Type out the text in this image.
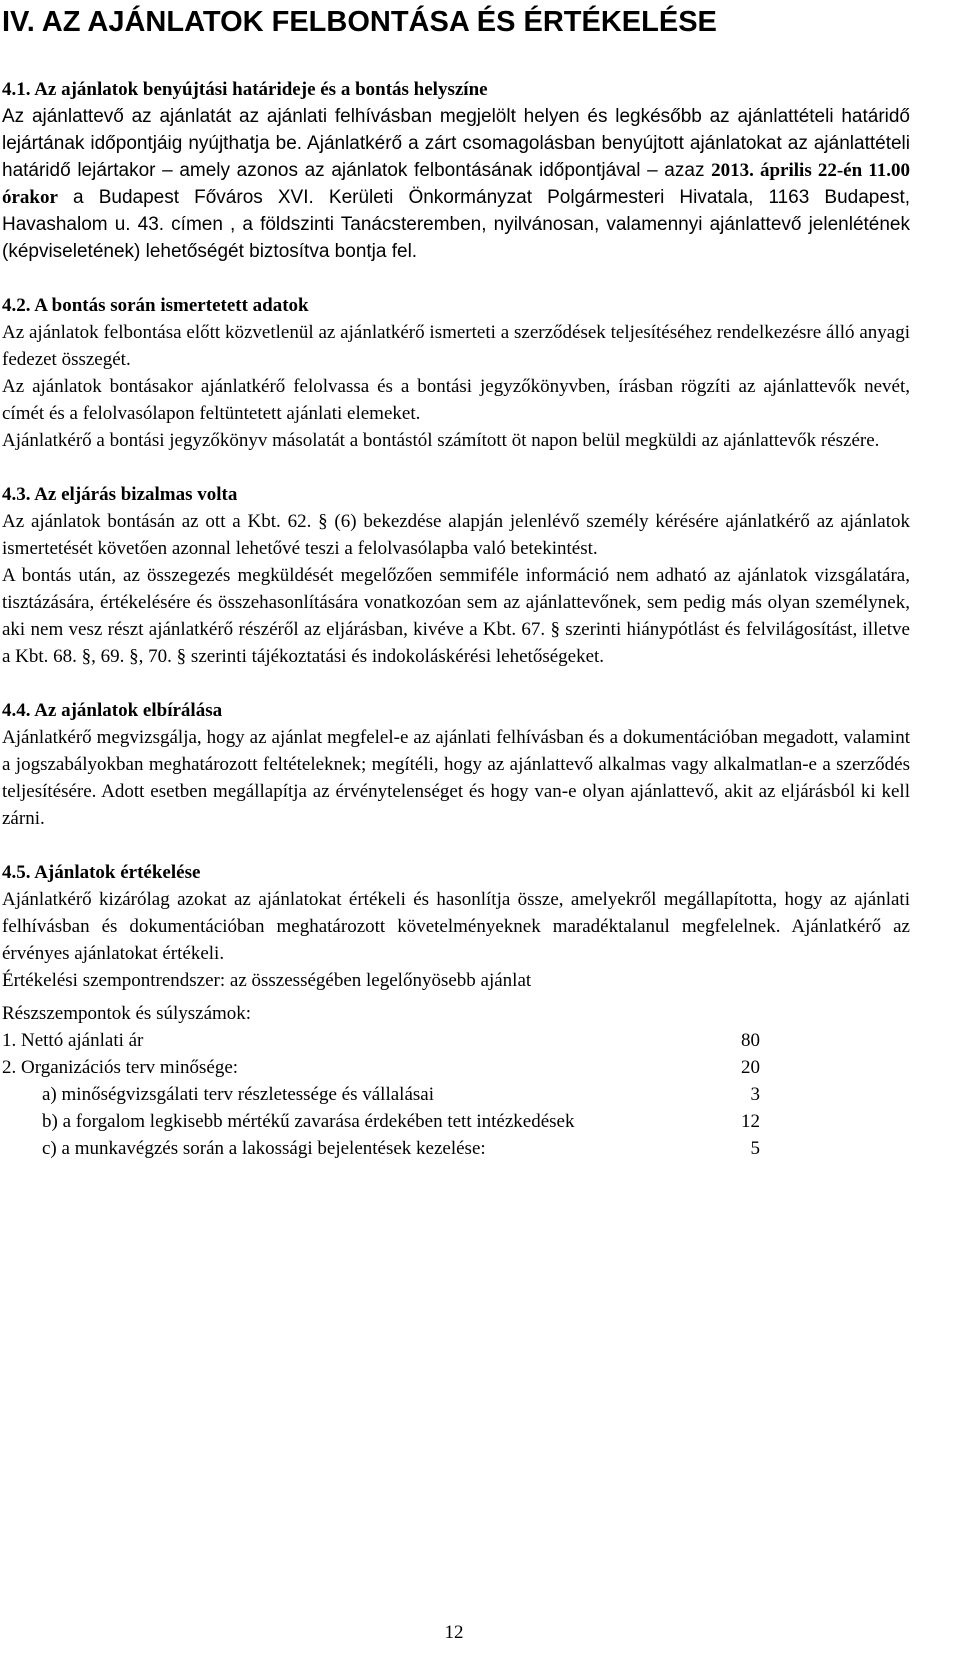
IV. AZ AJÁNLATOK FELBONTÁSA ÉS ÉRTÉKELÉSE
4.1. Az ajánlatok benyújtási határideje és a bontás helyszíne

Az ajánlattevő az ajánlatát az ajánlati felhívásban megjelölt helyen és legkésőbb az ajánlattételi határidő lejártának időpontjáig nyújthatja be. Ajánlatkérő a zárt csomagolásban benyújtott ajánlatokat az ajánlattételi határidő lejártakor – amely azonos az ajánlatok felbontásának időpontjával – azaz 2013. április 22-én 11.00 órakor a Budapest Főváros XVI. Kerületi Önkormányzat Polgármesteri Hivatala, 1163 Budapest, Havashalom u. 43. címen , a földszinti Tanácsteremben, nyilvánosan, valamennyi ajánlattevő jelenlétének (képviseletének) lehetőségét biztosítva bontja fel.

4.2. A bontás során ismertetett adatok

Az ajánlatok felbontása előtt közvetlenül az ajánlatkérő ismerteti a szerződések teljesítéséhez rendelkezésre álló anyagi fedezet összegét.

Az ajánlatok bontásakor ajánlatkérő felolvassa és a bontási jegyzőkönyvben, írásban rögzíti az ajánlattevők nevét, címét és a felolvasólapon feltüntetett ajánlati elemeket.

Ajánlatkérő a bontási jegyzőkönyv másolatát a bontástól számított öt napon belül megküldi az ajánlattevők részére.

4.3. Az eljárás bizalmas volta

Az ajánlatok bontásán az ott a Kbt. 62. § (6) bekezdése alapján jelenlévő személy kérésére ajánlatkérő az ajánlatok ismertetését követően azonnal lehetővé teszi a felolvasólapba való betekintést.

A bontás után, az összegezés megküldését megelőzően semmiféle információ nem adható az ajánlatok vizsgálatára, tisztázására, értékelésére és összehasonlítására vonatkozóan sem az ajánlattevőnek, sem pedig más olyan személynek, aki nem vesz részt ajánlatkérő részéről az eljárásban, kivéve a Kbt. 67. § szerinti hiánypótlást és felvilágosítást, illetve a Kbt. 68. §, 69. §, 70. § szerinti tájékoztatási és indokoláskérési lehetőségeket.

4.4. Az ajánlatok elbírálása

Ajánlatkérő megvizsgálja, hogy az ajánlat megfelel-e az ajánlati felhívásban és a dokumentációban megadott, valamint a jogszabályokban meghatározott feltételeknek; megítéli, hogy az ajánlattevő alkalmas vagy alkalmatlan-e a szerződés teljesítésére. Adott esetben megállapítja az érvénytelenséget és hogy van-e olyan ajánlattevő, akit az eljárásból ki kell zárni.

4.5. Ajánlatok értékelése

Ajánlatkérő kizárólag azokat az ajánlatokat értékeli és hasonlítja össze, amelyekről megállapította, hogy az ajánlati felhívásban és dokumentációban meghatározott követelményeknek maradéktalanul megfelelnek. Ajánlatkérő az érvényes ajánlatokat értékeli.

Értékelési szempontrendszer: az összességében legelőnyösebb ajánlat

Részszempontok és súlyszámok:

1. Nettó ajánlati ár	80
2. Organizációs terv minősége:	20
a) minőségvizsgálati terv részletessége és vállalásai	3
b) a forgalom legkisebb mértékű zavarása érdekében tett intézkedések	12
c) a munkavégzés során a lakossági bejelentések kezelése:	5
12
